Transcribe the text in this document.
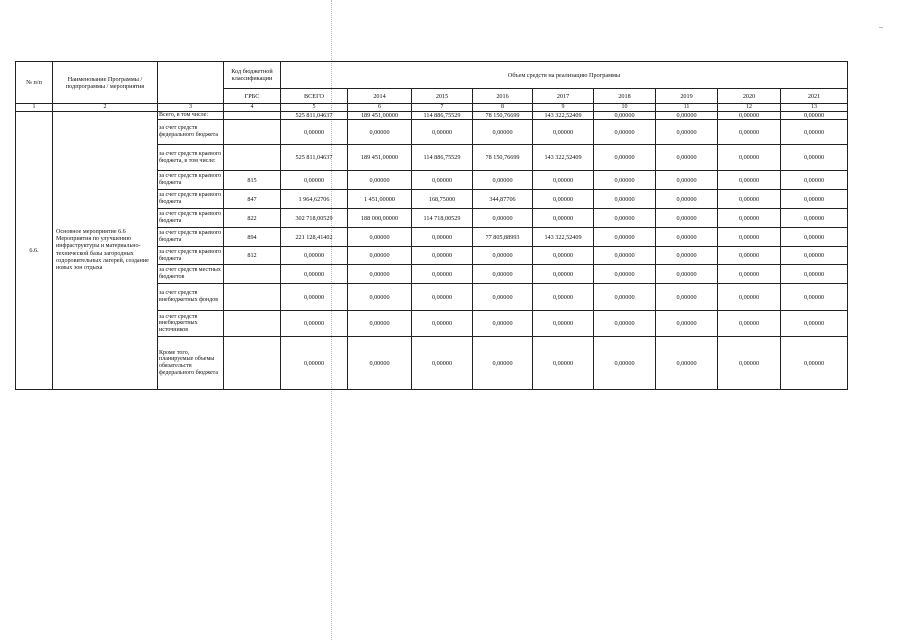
№ п/п	Наименование Программы / подпрограммы / мероприятия		Код бюджетной классификации	Объем средств на реализацию Программы								
			ГРБС	ВСЕГО	2014	2015	2016	2017	2018	2019	2020	2021
1	2	3	4	5	6	7	8	9	10	11	12	13
6.6.	Основное мероприятие 6.6 Мероприятия по улучшению инфраструктуры и материально-технической базы загородных оздоровительных лагерей, создание новых зон отдыха	Всего, в том числе:		525 811,04637	189 451,00000	114 886,75529	78 150,76699	143 322,52409	0,00000	0,00000	0,00000	0,00000
		за счет средств федерального бюджета		0,00000	0,00000	0,00000	0,00000	0,00000	0,00000	0,00000	0,00000	0,00000
		за счет средств краевого бюджета, в том числе:		525 811,04637	189 451,00000	114 886,75529	78 150,76699	143 322,52409	0,00000	0,00000	0,00000	0,00000
		за счет средств краевого бюджета	815	0,00000	0,00000	0,00000	0,00000	0,00000	0,00000	0,00000	0,00000	0,00000
		за счет средств краевого бюджета	847	1 964,62706	1 451,00000	168,75000	344,87706	0,00000	0,00000	0,00000	0,00000	0,00000
		за счет средств краевого бюджета	822	302 718,00529	188 000,00000	114 718,00529	0,00000	0,00000	0,00000	0,00000	0,00000	0,00000
		за счет средств краевого бюджета	894	221 128,41402	0,00000	0,00000	77 805,88993	143 322,52409	0,00000	0,00000	0,00000	0,00000
		за счет средств краевого бюджета	812	0,00000	0,00000	0,00000	0,00000	0,00000	0,00000	0,00000	0,00000	0,00000
		за счет средств местных бюджетов		0,00000	0,00000	0,00000	0,00000	0,00000	0,00000	0,00000	0,00000	0,00000
		за счет средств внебюджетных фондов		0,00000	0,00000	0,00000	0,00000	0,00000	0,00000	0,00000	0,00000	0,00000
		за счет средств внебюджетных источников		0,00000	0,00000	0,00000	0,00000	0,00000	0,00000	0,00000	0,00000	0,00000
		Кроме того, планируемые объемы обязательств федерального бюджета		0,00000	0,00000	0,00000	0,00000	0,00000	0,00000	0,00000	0,00000	0,00000
